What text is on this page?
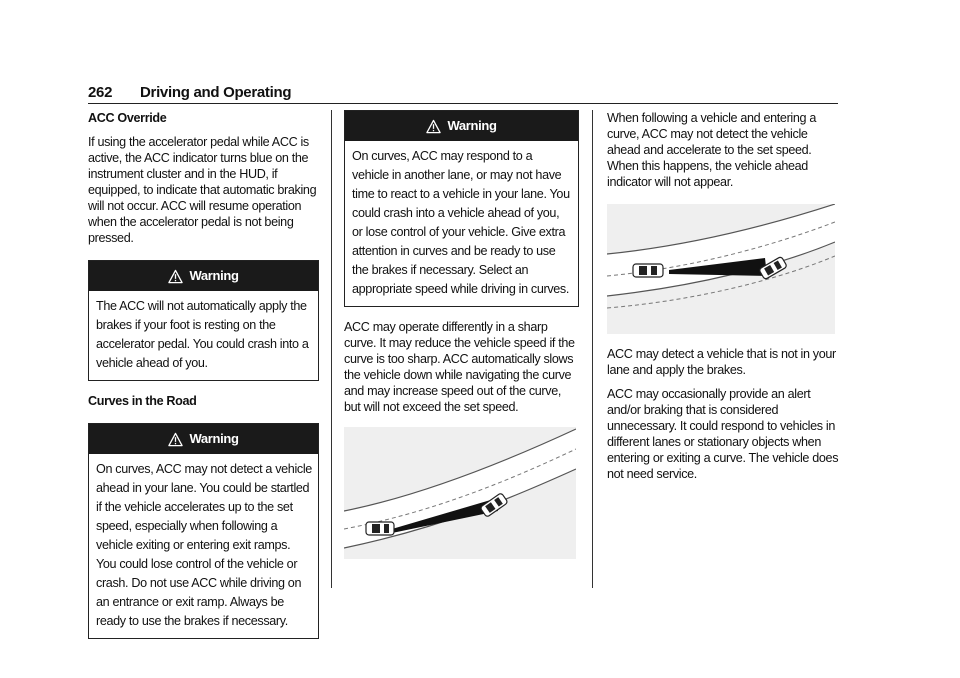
262 Driving and Operating

ACC Override

If using the accelerator pedal while ACC is active, the ACC indicator turns blue on the instrument cluster and in the HUD, if equipped, to indicate that automatic braking will not occur. ACC will resume operation when the accelerator pedal is not being pressed.

Warning
The ACC will not automatically apply the brakes if your foot is resting on the accelerator pedal. You could crash into a vehicle ahead of you.

Curves in the Road

Warning
On curves, ACC may not detect a vehicle ahead in your lane. You could be startled if the vehicle accelerates up to the set speed, especially when following a vehicle exiting or entering exit ramps. You could lose control of the vehicle or crash. Do not use ACC while driving on an entrance or exit ramp. Always be ready to use the brakes if necessary.
Warning
On curves, ACC may respond to a vehicle in another lane, or may not have time to react to a vehicle in your lane. You could crash into a vehicle ahead of you, or lose control of your vehicle. Give extra attention in curves and be ready to use the brakes if necessary. Select an appropriate speed while driving in curves.

ACC may operate differently in a sharp curve. It may reduce the vehicle speed if the curve is too sharp. ACC automatically slows the vehicle down while navigating the curve and may increase speed out of the curve, but will not exceed the set speed.

When following a vehicle and entering a curve, ACC may not detect the vehicle ahead and accelerate to the set speed. When this happens, the vehicle ahead indicator will not appear.

ACC may detect a vehicle that is not in your lane and apply the brakes.

ACC may occasionally provide an alert and/or braking that is considered unnecessary. It could respond to vehicles in different lanes or stationary objects when entering or exiting a curve. The vehicle does not need service.
